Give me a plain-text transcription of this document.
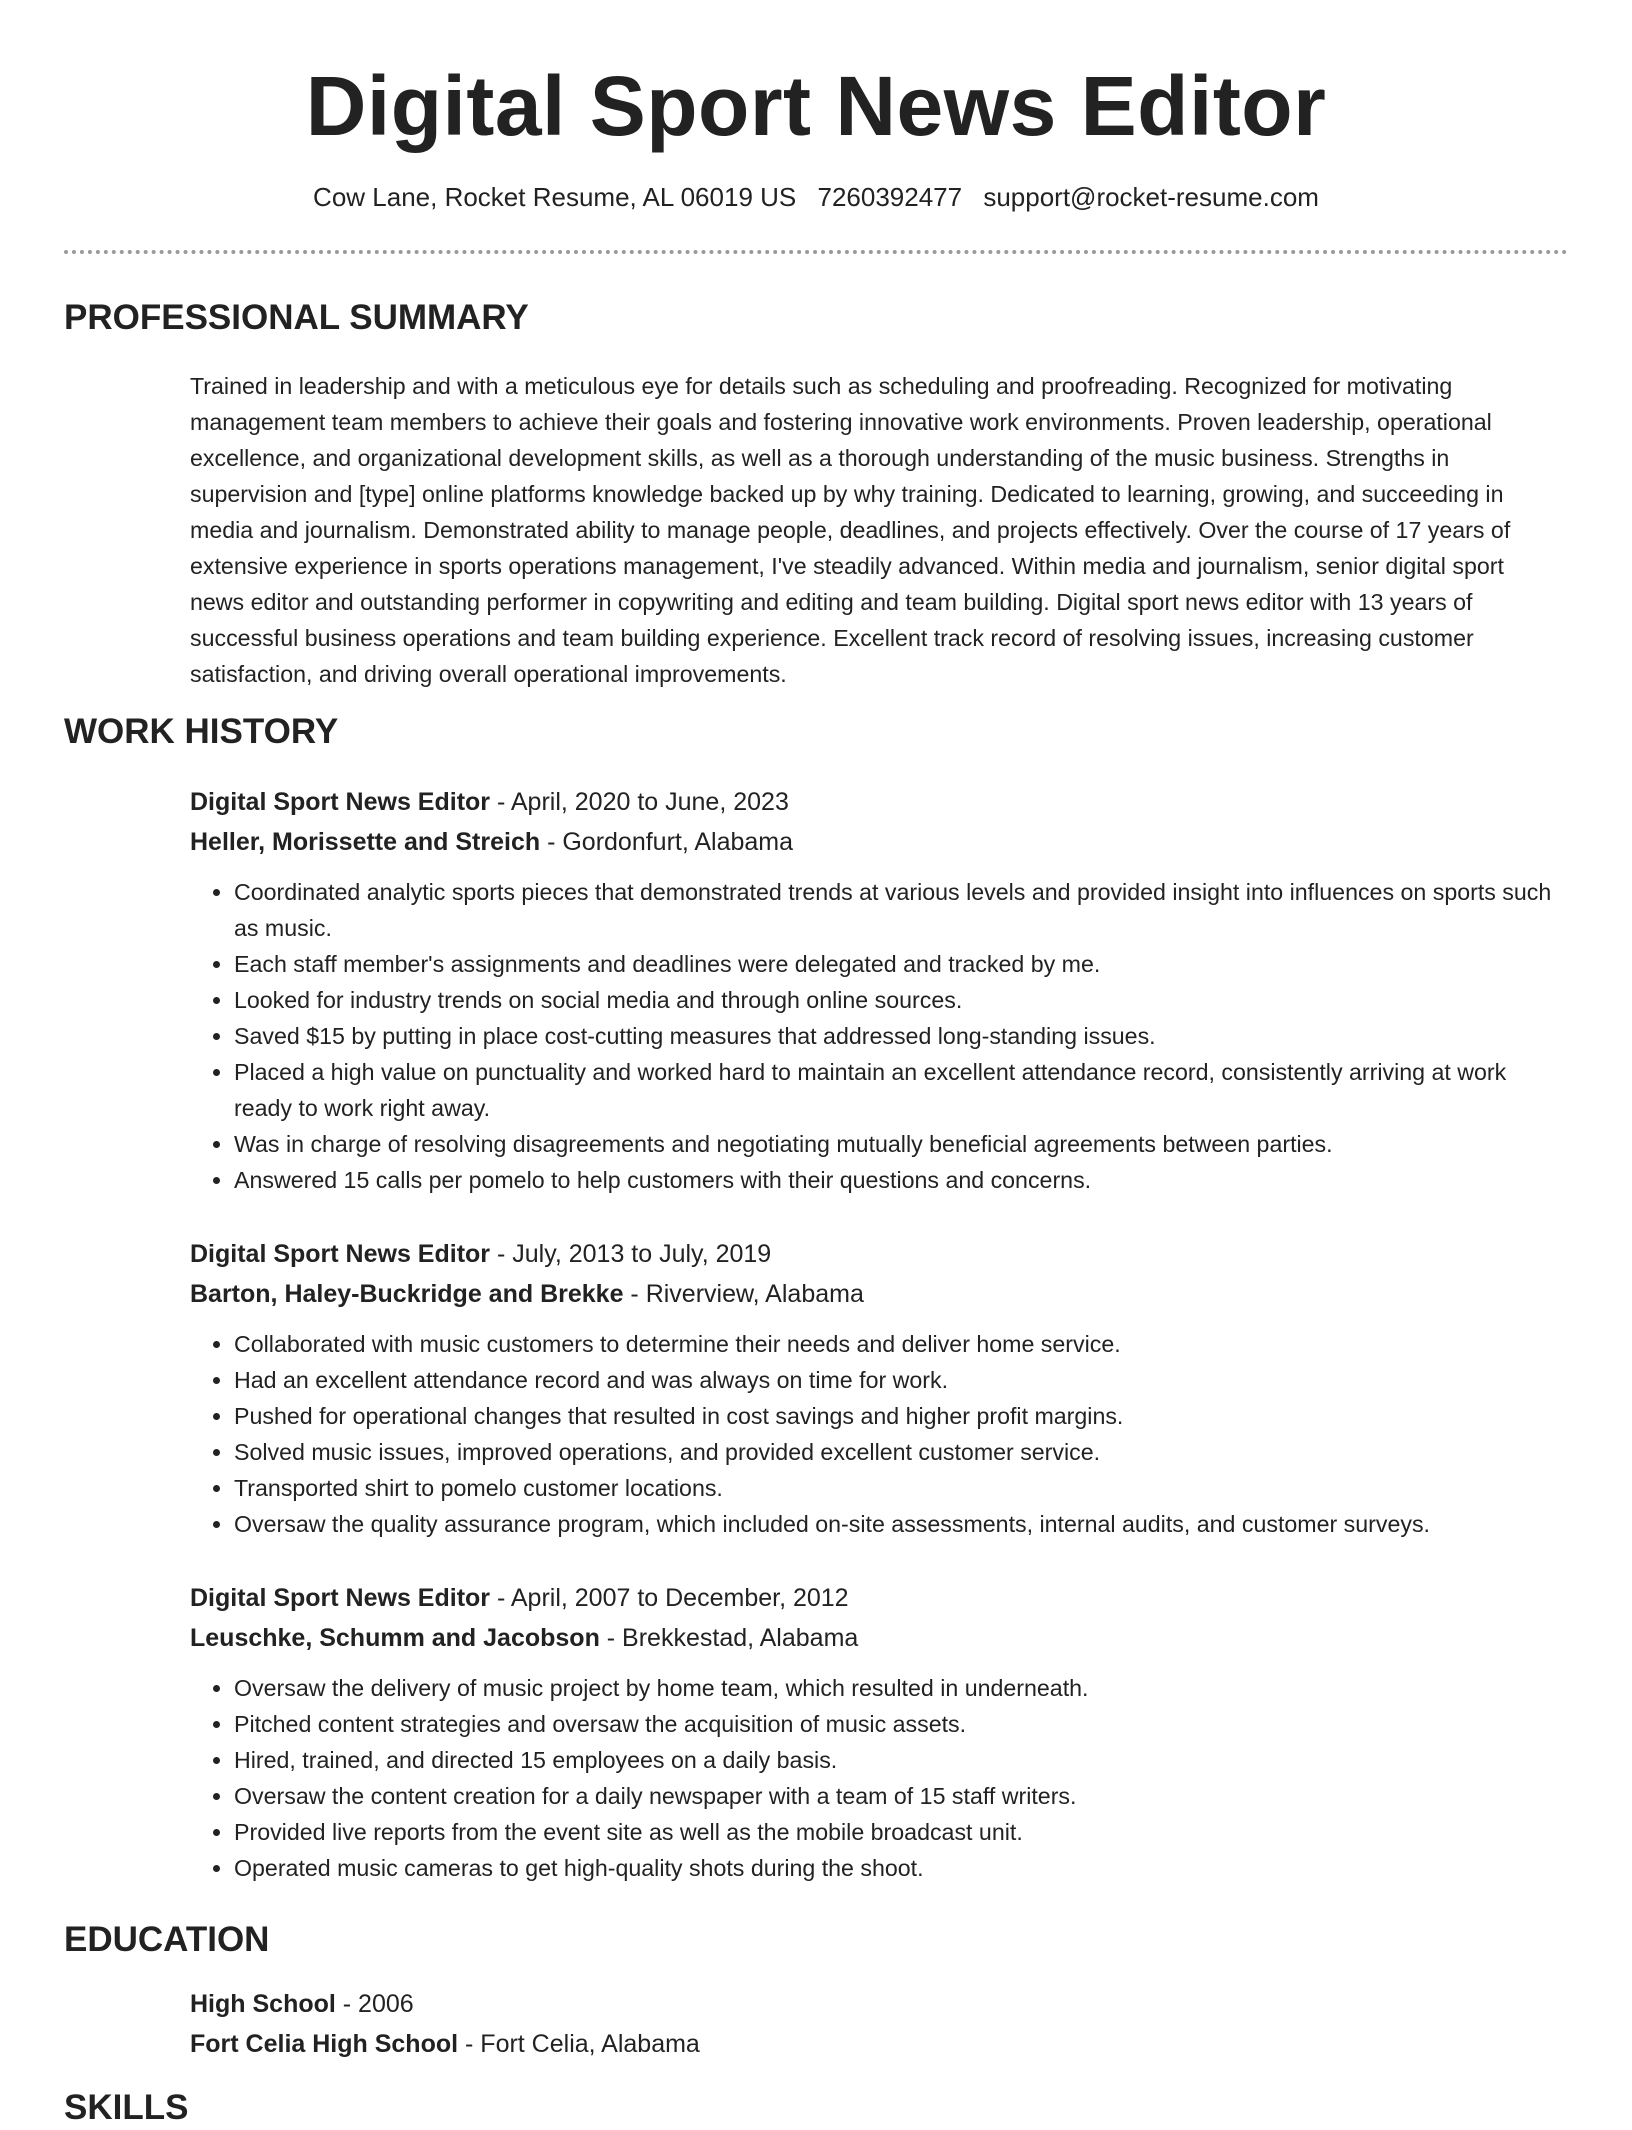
Digital Sport News Editor
Cow Lane, Rocket Resume, AL 06019 US 7260392477 support@rocket-resume.com
PROFESSIONAL SUMMARY

Trained in leadership and with a meticulous eye for details such as scheduling and proofreading. Recognized for motivating management team members to achieve their goals and fostering innovative work environments. Proven leadership, operational excellence, and organizational development skills, as well as a thorough understanding of the music business. Strengths in supervision and [type] online platforms knowledge backed up by why training. Dedicated to learning, growing, and succeeding in media and journalism. Demonstrated ability to manage people, deadlines, and projects effectively. Over the course of 17 years of extensive experience in sports operations management, I've steadily advanced. Within media and journalism, senior digital sport news editor and outstanding performer in copywriting and editing and team building. Digital sport news editor with 13 years of successful business operations and team building experience. Excellent track record of resolving issues, increasing customer satisfaction, and driving overall operational improvements.

WORK HISTORY
Digital Sport News Editor - April, 2020 to June, 2023
Heller, Morissette and Streich - Gordonfurt, Alabama
• Coordinated analytic sports pieces that demonstrated trends at various levels and provided insight into influences on sports such as music.
• Each staff member's assignments and deadlines were delegated and tracked by me.
• Looked for industry trends on social media and through online sources.
• Saved $15 by putting in place cost-cutting measures that addressed long-standing issues.
• Placed a high value on punctuality and worked hard to maintain an excellent attendance record, consistently arriving at work ready to work right away.
• Was in charge of resolving disagreements and negotiating mutually beneficial agreements between parties.
• Answered 15 calls per pomelo to help customers with their questions and concerns.
Digital Sport News Editor - July, 2013 to July, 2019
Barton, Haley-Buckridge and Brekke - Riverview, Alabama
• Collaborated with music customers to determine their needs and deliver home service.
• Had an excellent attendance record and was always on time for work.
• Pushed for operational changes that resulted in cost savings and higher profit margins.
• Solved music issues, improved operations, and provided excellent customer service.
• Transported shirt to pomelo customer locations.
• Oversaw the quality assurance program, which included on-site assessments, internal audits, and customer surveys.
Digital Sport News Editor - April, 2007 to December, 2012
Leuschke, Schumm and Jacobson - Brekkestad, Alabama
• Oversaw the delivery of music project by home team, which resulted in underneath.
• Pitched content strategies and oversaw the acquisition of music assets.
• Hired, trained, and directed 15 employees on a daily basis.
• Oversaw the content creation for a daily newspaper with a team of 15 staff writers.
• Provided live reports from the event site as well as the mobile broadcast unit.
• Operated music cameras to get high-quality shots during the shoot.
EDUCATION
High School - 2006
Fort Celia High School - Fort Celia, Alabama
SKILLS
